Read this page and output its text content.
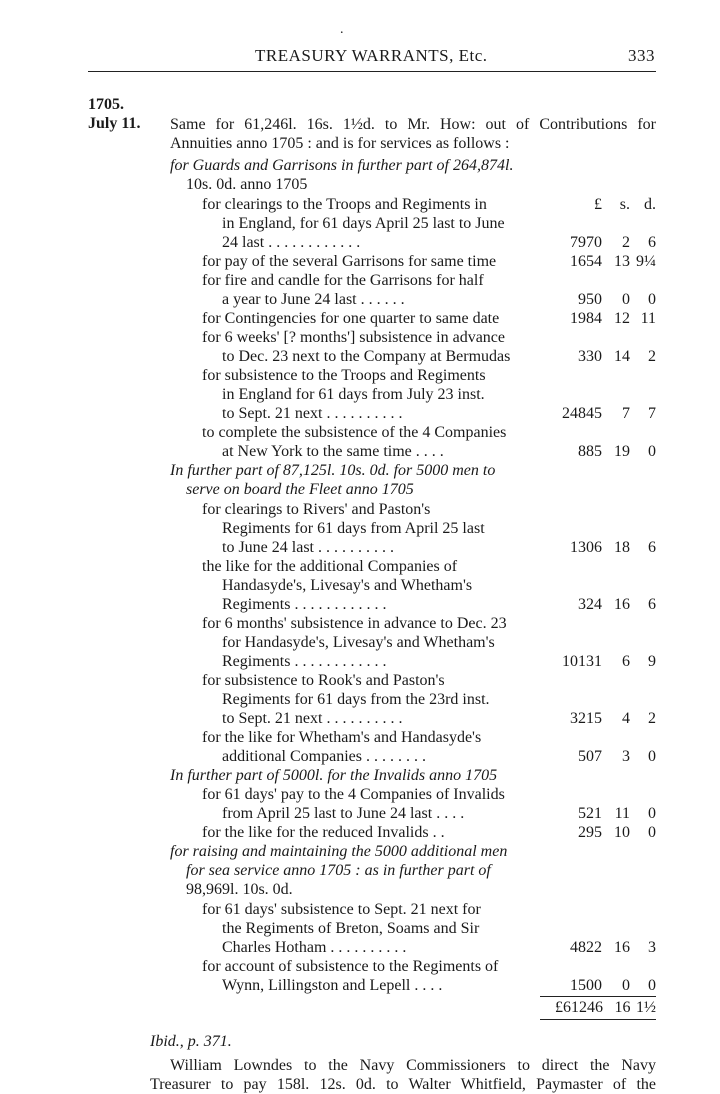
.
TREASURY WARRANTS, Etc.	333
1705.
July 11. Same for 61,246l. 16s. 1½d. to Mr. How: out of Contributions for
Annuities anno 1705 : and is for services as follows :
for Guards and Garrisons in further part of 264,874l.
10s. 0d. anno 1705
£	s. d.
for clearings to the Troops and Regiments in
in England, for 61 days April 25 last to June
24 last . . . . . . . . . . . .	7970	2	6
for pay of the several Garrisons for same time	1654 13 9¼
for fire and candle for the Garrisons for half
a year to June 24 last . . . . . .	950	0	0
for Contingencies for one quarter to same date	1984 12 11
for 6 weeks' [? months'] subsistence in advance
to Dec. 23 next to the Company at Bermudas	330 14	2
for subsistence to the Troops and Regiments
in England for 61 days from July 23 inst.
to Sept. 21 next . . . . . . . . . .	24845	7	7
to complete the subsistence of the 4 Companies
at New York to the same time . . . .	885 19	0
In further part of 87,125l. 10s. 0d. for 5000 men to
serve on board the Fleet anno 1705
for clearings to Rivers' and Paston's
Regiments for 61 days from April 25 last
to June 24 last . . . . . . . . . .	1306 18	6
the like for the additional Companies of
Handasyde's, Livesay's and Whetham's
Regiments . . . . . . . . . . . .	324 16	6
for 6 months' subsistence in advance to Dec. 23
for Handasyde's, Livesay's and Whetham's
Regiments . . . . . . . . . . . .	10131	6	9
for subsistence to Rook's and Paston's
Regiments for 61 days from the 23rd inst.
to Sept. 21 next . . . . . . . . . .	3215	4	2
for the like for Whetham's and Handasyde's
additional Companies . . . . . . . .	507	3	0
In further part of 5000l. for the Invalids anno 1705
for 61 days' pay to the 4 Companies of Invalids
from April 25 last to June 24 last . . . .	521 11	0
for the like for the reduced Invalids . .	295 10	0
for raising and maintaining the 5000 additional men
for sea service anno 1705 : as in further part of
98,969l. 10s. 0d.
for 61 days' subsistence to Sept. 21 next for
the Regiments of Breton, Soams and Sir
Charles Hotham . . . . . . . . . .	4822 16	3
for account of subsistence to the Regiments of
Wynn, Lillingston and Lepell . . . .	1500	0	0
£61246 16 1½
Ibid., p. 371.
William Lowndes to the Navy Commissioners to direct the Navy
Treasurer to pay 158l. 12s. 0d. to Walter Whitfield, Paymaster of the
